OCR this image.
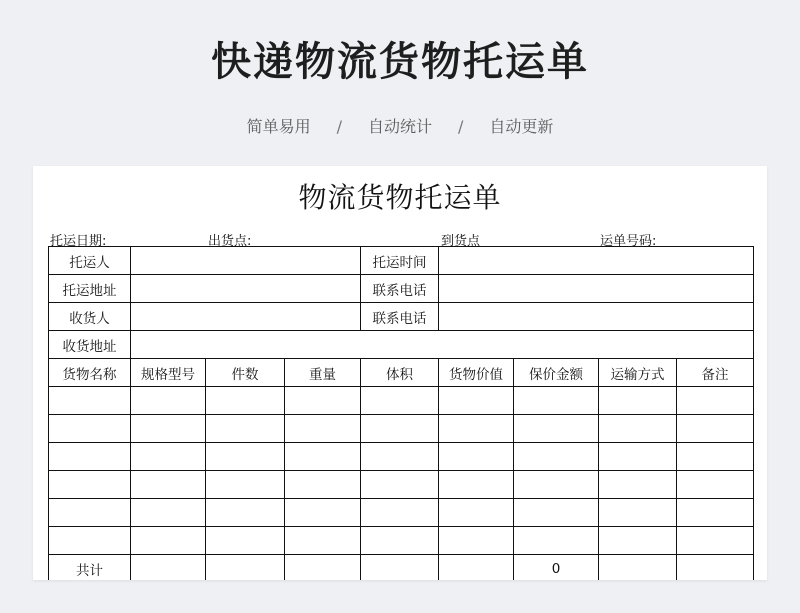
快递物流货物托运单
简单易用 / 自动统计 / 自动更新
物流货物托运单
托运日期:	出货点:	到货点	运单号码:
托运人				托运时间				
托运地址				联系电话				
收货人				联系电话				
收货地址								
货物名称	规格型号	件数	重量	体积	货物价值	保价金额	运输方式	备注

共计						0		
